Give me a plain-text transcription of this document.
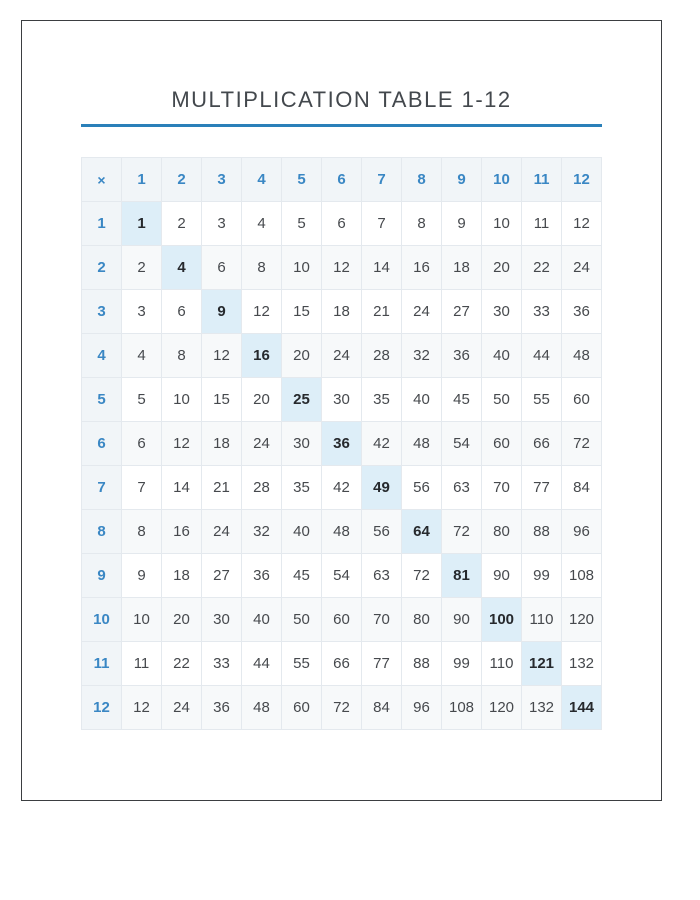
MULTIPLICATION TABLE 1-12
×	1	2	3	4	5	6	7	8	9	10	11	12
1	1	2	3	4	5	6	7	8	9	10	11	12
2	2	4	6	8	10	12	14	16	18	20	22	24
3	3	6	9	12	15	18	21	24	27	30	33	36
4	4	8	12	16	20	24	28	32	36	40	44	48
5	5	10	15	20	25	30	35	40	45	50	55	60
6	6	12	18	24	30	36	42	48	54	60	66	72
7	7	14	21	28	35	42	49	56	63	70	77	84
8	8	16	24	32	40	48	56	64	72	80	88	96
9	9	18	27	36	45	54	63	72	81	90	99	108
10	10	20	30	40	50	60	70	80	90	100	110	120
11	11	22	33	44	55	66	77	88	99	110	121	132
12	12	24	36	48	60	72	84	96	108	120	132	144
